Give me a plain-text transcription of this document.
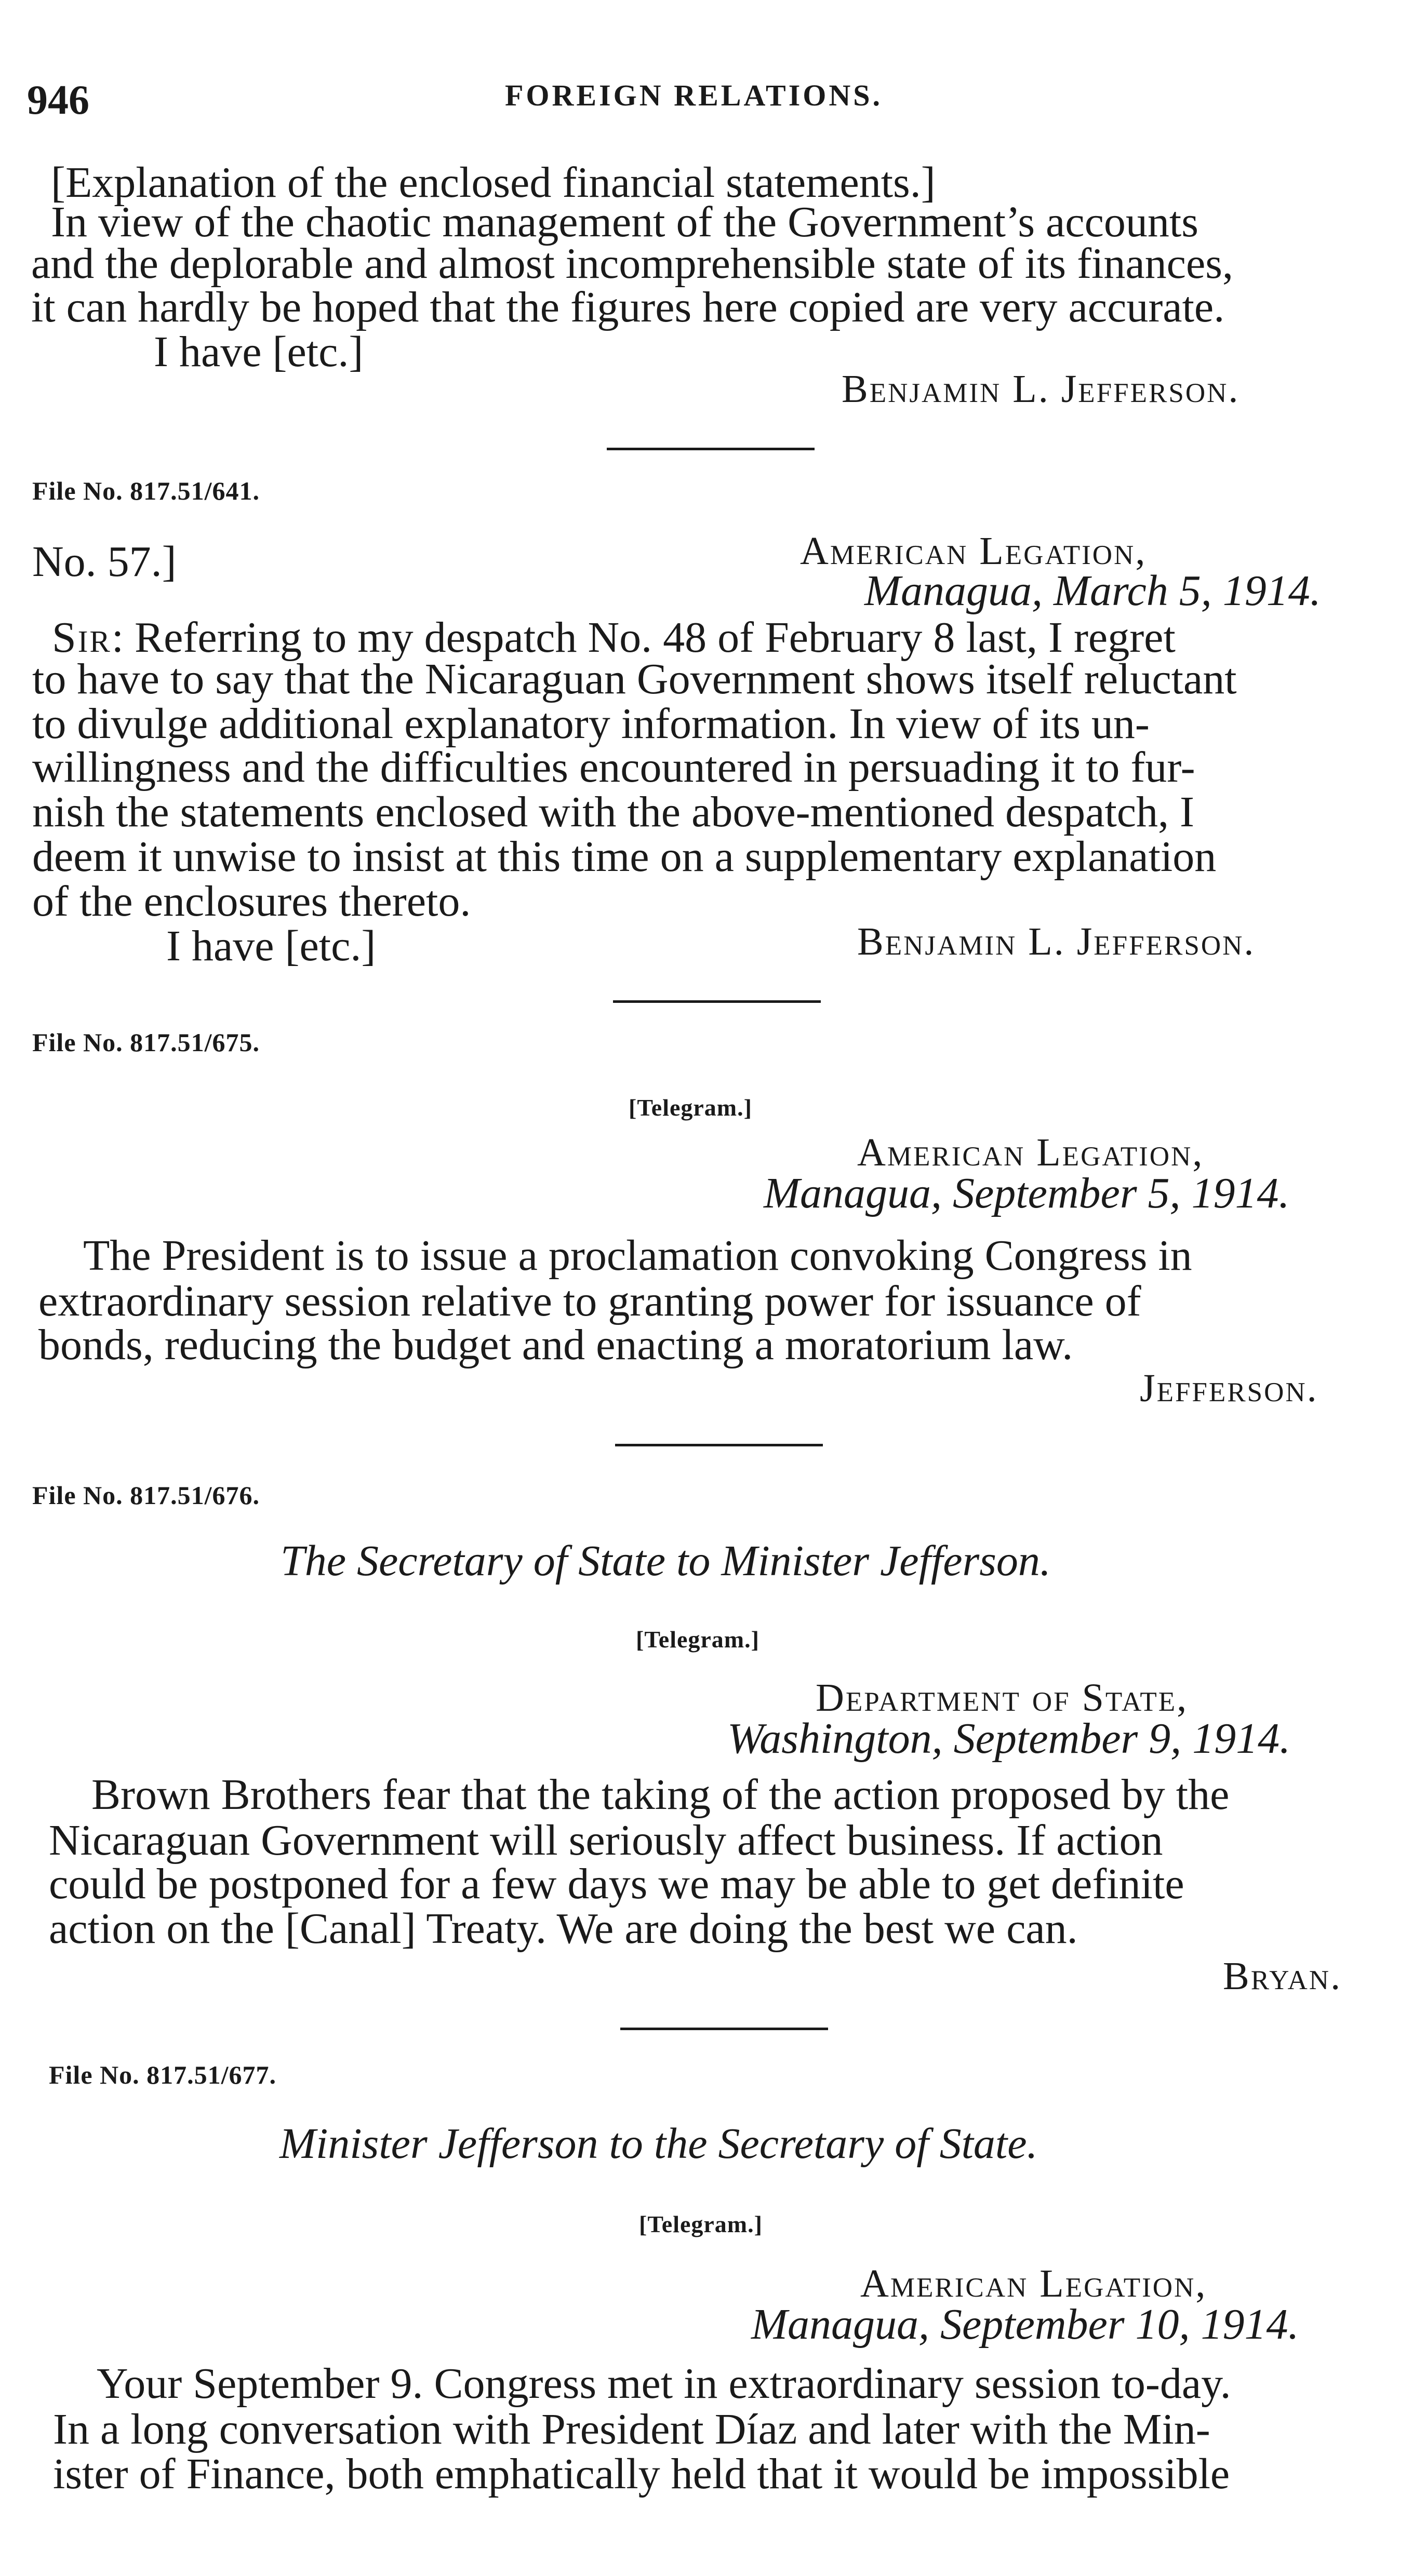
946	FOREIGN RELATIONS.
[Explanation of the enclosed financial statements.]
In view of the chaotic management of the Government’s accounts
and the deplorable and almost incomprehensible state of its finances,
it can hardly be hoped that the figures here copied are very accurate.
I have [etc.]
Benjamin L. Jefferson.
File No. 817.51/641.
No. 57.]	American Legation,
Managua, March 5, 1914.
Sir: Referring to my despatch No. 48 of February 8 last, I regret
to have to say that the Nicaraguan Government shows itself reluctant
to divulge additional explanatory information. In view of its un-
willingness and the difficulties encountered in persuading it to fur-
nish the statements enclosed with the above-mentioned despatch, I
deem it unwise to insist at this time on a supplementary explanation
of the enclosures thereto.
I have [etc.]	Benjamin L. Jefferson.
File No. 817.51/675.
[Telegram.]
American Legation,
Managua, September 5, 1914.
The President is to issue a proclamation convoking Congress in
extraordinary session relative to granting power for issuance of
bonds, reducing the budget and enacting a moratorium law.
Jefferson.
File No. 817.51/676.
The Secretary of State to Minister Jefferson.
[Telegram.]
Department of State,
Washington, September 9, 1914.
Brown Brothers fear that the taking of the action proposed by the
Nicaraguan Government will seriously affect business. If action
could be postponed for a few days we may be able to get definite
action on the [Canal] Treaty. We are doing the best we can.
Bryan.
File No. 817.51/677.
Minister Jefferson to the Secretary of State.
[Telegram.]
American Legation,
Managua, September 10, 1914.
Your September 9. Congress met in extraordinary session to-day.
In a long conversation with President Díaz and later with the Min-
ister of Finance, both emphatically held that it would be impossible
